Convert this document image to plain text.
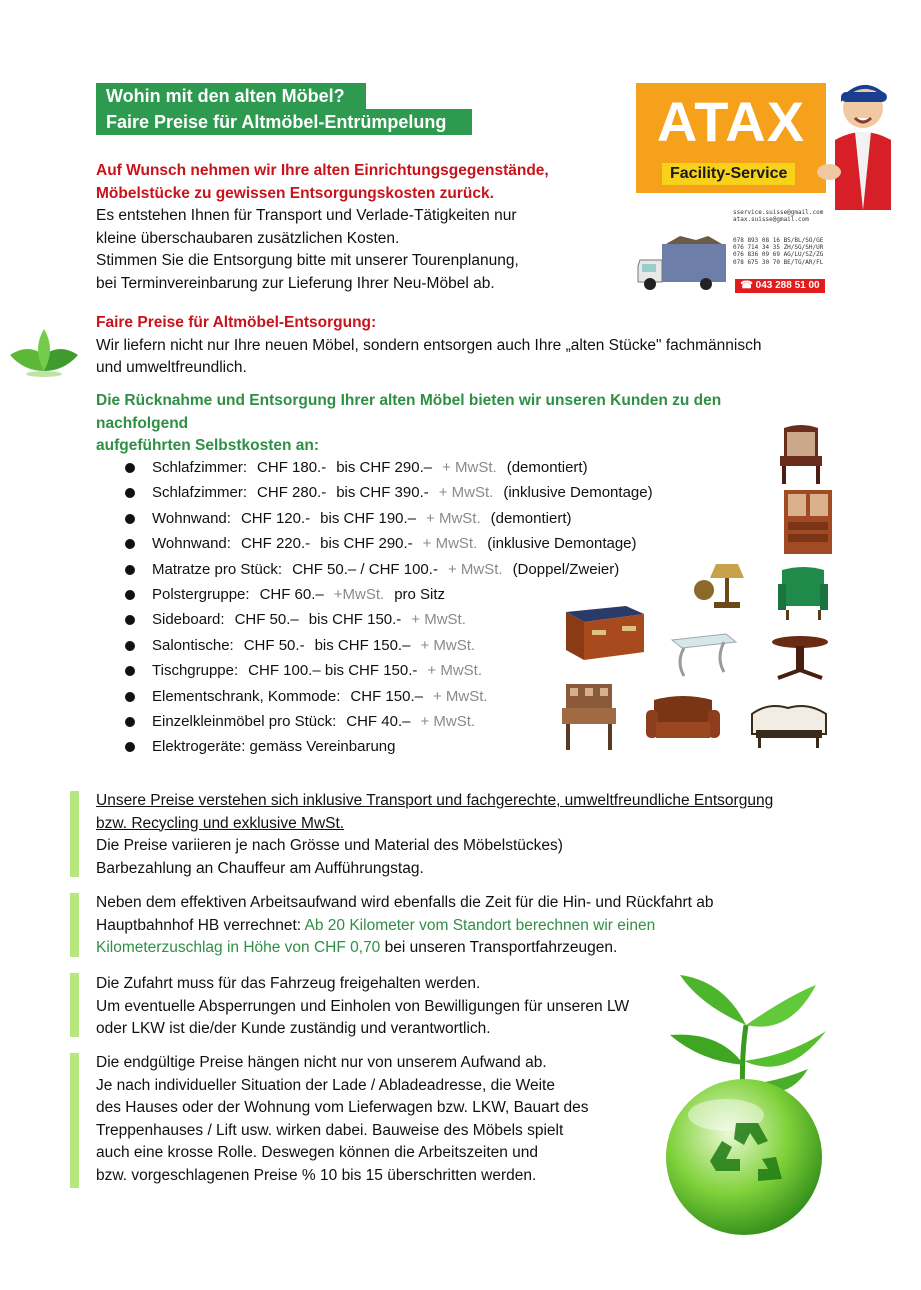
Wohin mit den alten Möbel?
Faire Preise für Altmöbel-Entrümpelung
Auf Wunsch nehmen wir Ihre alten Einrichtungsgegenstände,
Möbelstücke zu gewissen Entsorgungskosten zurück.
Es entstehen Ihnen für Transport und Verlade-Tätigkeiten nur
kleine überschaubaren zusätzlichen Kosten.
Stimmen Sie die Entsorgung bitte mit unserer Tourenplanung,
bei Terminvereinbarung zur Lieferung Ihrer Neu-Möbel ab.
ATAX
Facility-Service
sservice.suisse@gmail.com
atax.suisse@gmail.com
078 893 08 16 BS/BL/SO/GE
076 714 34 35 ZH/SG/SH/UR
076 836 09 69 AG/LU/SZ/ZG
078 675 30 70 BE/TG/AR/FL
☎ 043 288 51 00
Faire Preise für Altmöbel-Entsorgung:
Wir liefern nicht nur Ihre neuen Möbel, sondern entsorgen auch Ihre „alten Stücke" fachmännisch
und umweltfreundlich.
Die Rücknahme und Entsorgung Ihrer alten Möbel bieten wir unseren Kunden zu den nachfolgend
aufgeführten Selbstkosten an:
Schlafzimmer: CHF 180.- bis CHF 290.– + MwSt. (demontiert)
Schlafzimmer: CHF 280.- bis CHF 390.- + MwSt. (inklusive Demontage)
Wohnwand: CHF 120.- bis CHF 190.– + MwSt. (demontiert)
Wohnwand: CHF 220.- bis CHF 290.- + MwSt. (inklusive Demontage)
Matratze pro Stück: CHF 50.– / CHF 100.- + MwSt. (Doppel/Zweier)
Polstergruppe: CHF 60.– +MwSt. pro Sitz
Sideboard: CHF 50.– bis CHF 150.- + MwSt.
Salontische: CHF 50.- bis CHF 150.– + MwSt.
Tischgruppe: CHF 100.– bis CHF 150.- + MwSt.
Elementschrank, Kommode: CHF 150.– + MwSt.
Einzelkleinmöbel pro Stück: CHF 40.– + MwSt.
Elektrogeräte: gemäss Vereinbarung
Unsere Preise verstehen sich inklusive Transport und fachgerechte, umweltfreundliche Entsorgung
bzw. Recycling und exklusive MwSt.
Die Preise variieren je nach Grösse und Material des Möbelstückes)
Barbezahlung an Chauffeur am Aufführungstag.
Neben dem effektiven Arbeitsaufwand wird ebenfalls die Zeit für die Hin- und Rückfahrt ab
Hauptbahnhof HB verrechnet: Ab 20 Kilometer vom Standort berechnen wir einen
Kilometerzuschlag in Höhe von CHF 0,70 bei unseren Transportfahrzeugen.
Die Zufahrt muss für das Fahrzeug freigehalten werden.
Um eventuelle Absperrungen und Einholen von Bewilligungen für unseren LW
oder LKW ist die/der Kunde zuständig und verantwortlich.
Die endgültige Preise hängen nicht nur von unserem Aufwand ab.
Je nach individueller Situation der Lade / Abladeadresse, die Weite
des Hauses oder der Wohnung vom Lieferwagen bzw. LKW, Bauart des
Treppenhauses / Lift usw. wirken dabei. Bauweise des Möbels spielt
auch eine krosse Rolle. Deswegen können die Arbeitszeiten und
bzw. vorgeschlagenen Preise % 10 bis 15 überschritten werden.
